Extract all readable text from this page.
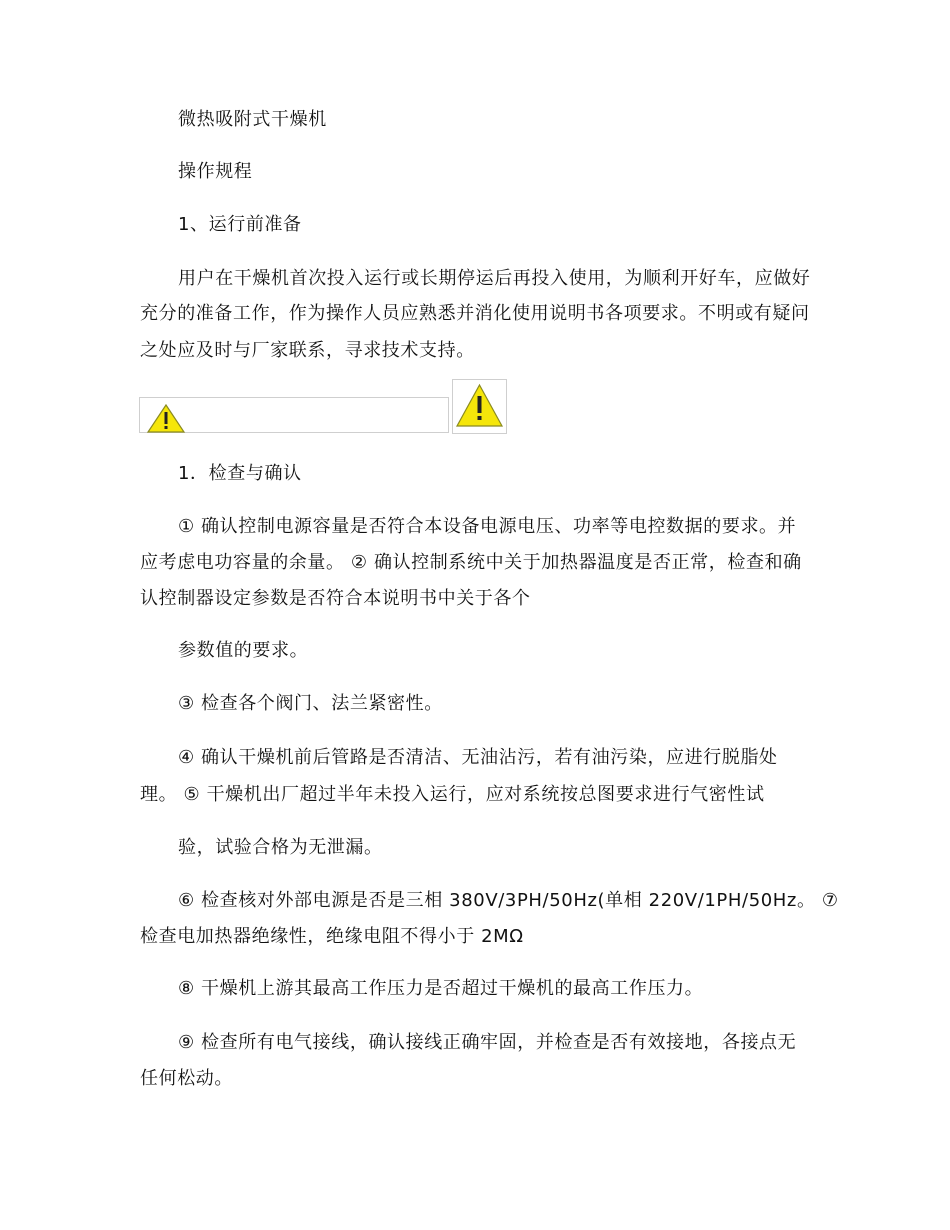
微热吸附式干燥机
操作规程
1、运行前准备
用户在干燥机首次投入运行或长期停运后再投入使用，为顺利开好车，应做好
充分的准备工作，作为操作人员应熟悉并消化使用说明书各项要求。不明或有疑问
之处应及时与厂家联系，寻求技术支持。
1．检查与确认
① 确认控制电源容量是否符合本设备电源电压、功率等电控数据的要求。并
应考虑电功容量的余量。 ② 确认控制系统中关于加热器温度是否正常，检查和确
认控制器设定参数是否符合本说明书中关于各个
参数值的要求。
③ 检查各个阀门、法兰紧密性。
④ 确认干燥机前后管路是否清洁、无油沾污，若有油污染，应进行脱脂处
理。 ⑤ 干燥机出厂超过半年未投入运行，应对系统按总图要求进行气密性试
验，试验合格为无泄漏。
⑥ 检查核对外部电源是否是三相 380V/3PH/50Hz(单相 220V/1PH/50Hz。 ⑦
检查电加热器绝缘性，绝缘电阻不得小于 2MΩ
⑧ 干燥机上游其最高工作压力是否超过干燥机的最高工作压力。
⑨ 检查所有电气接线，确认接线正确牢固，并检查是否有效接地，各接点无
任何松动。
